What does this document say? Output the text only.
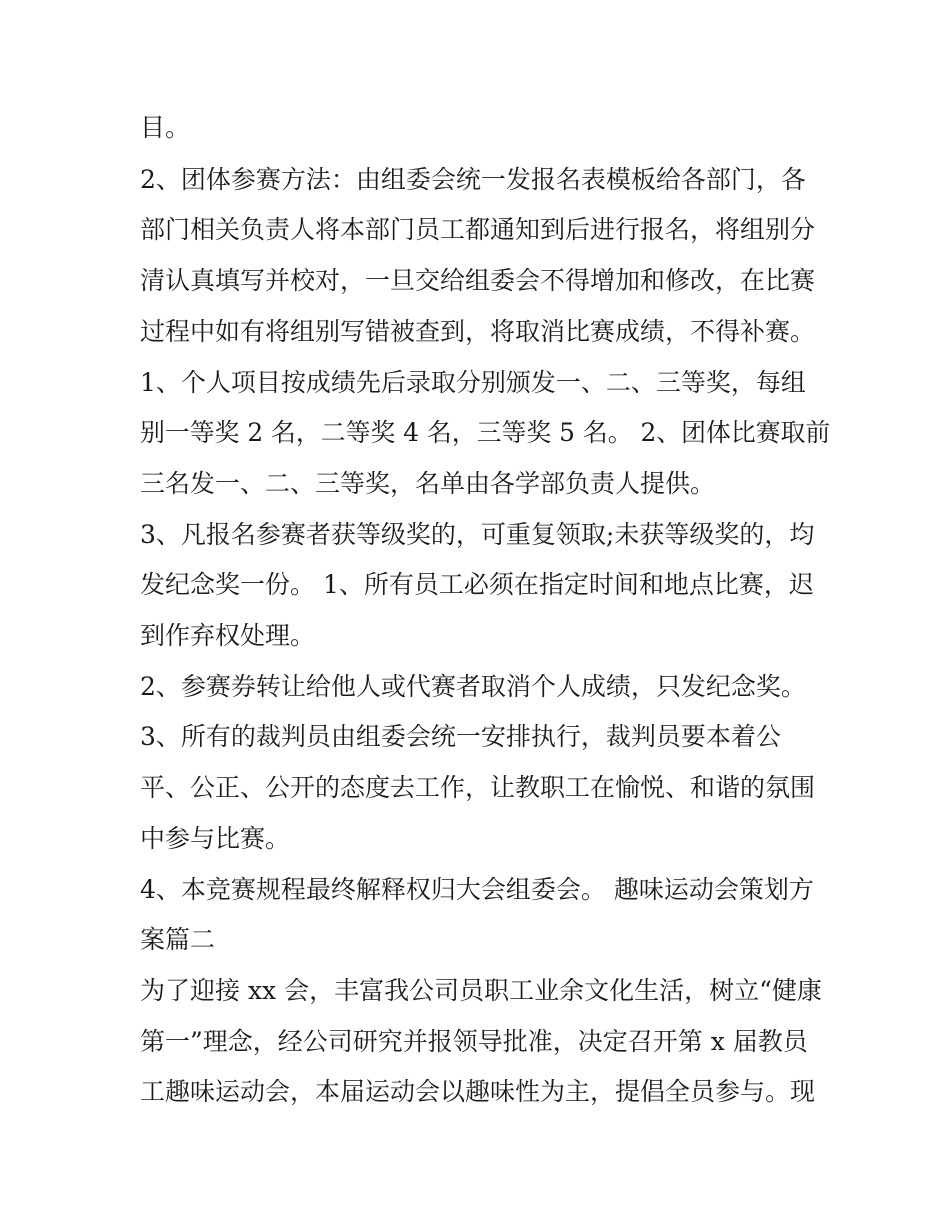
目。
2、团体参赛方法：由组委会统一发报名表模板给各部门，各
部门相关负责人将本部门员工都通知到后进行报名，将组别分
清认真填写并校对，一旦交给组委会不得增加和修改，在比赛
过程中如有将组别写错被查到，将取消比赛成绩，不得补赛。
1、个人项目按成绩先后录取分别颁发一、二、三等奖，每组
别一等奖 2 名，二等奖 4 名，三等奖 5 名。 2、团体比赛取前
三名发一、二、三等奖，名单由各学部负责人提供。
3、凡报名参赛者获等级奖的，可重复领取;未获等级奖的，均
发纪念奖一份。 1、所有员工必须在指定时间和地点比赛，迟
到作弃权处理。
2、参赛券转让给他人或代赛者取消个人成绩，只发纪念奖。
3、所有的裁判员由组委会统一安排执行，裁判员要本着公
平、公正、公开的态度去工作，让教职工在愉悦、和谐的氛围
中参与比赛。
4、本竞赛规程最终解释权归大会组委会。 趣味运动会策划方
案篇二
为了迎接 xx 会，丰富我公司员职工业余文化生活，树立“健康
第一”理念，经公司研究并报领导批准，决定召开第 x 届教员
工趣味运动会，本届运动会以趣味性为主，提倡全员参与。现
